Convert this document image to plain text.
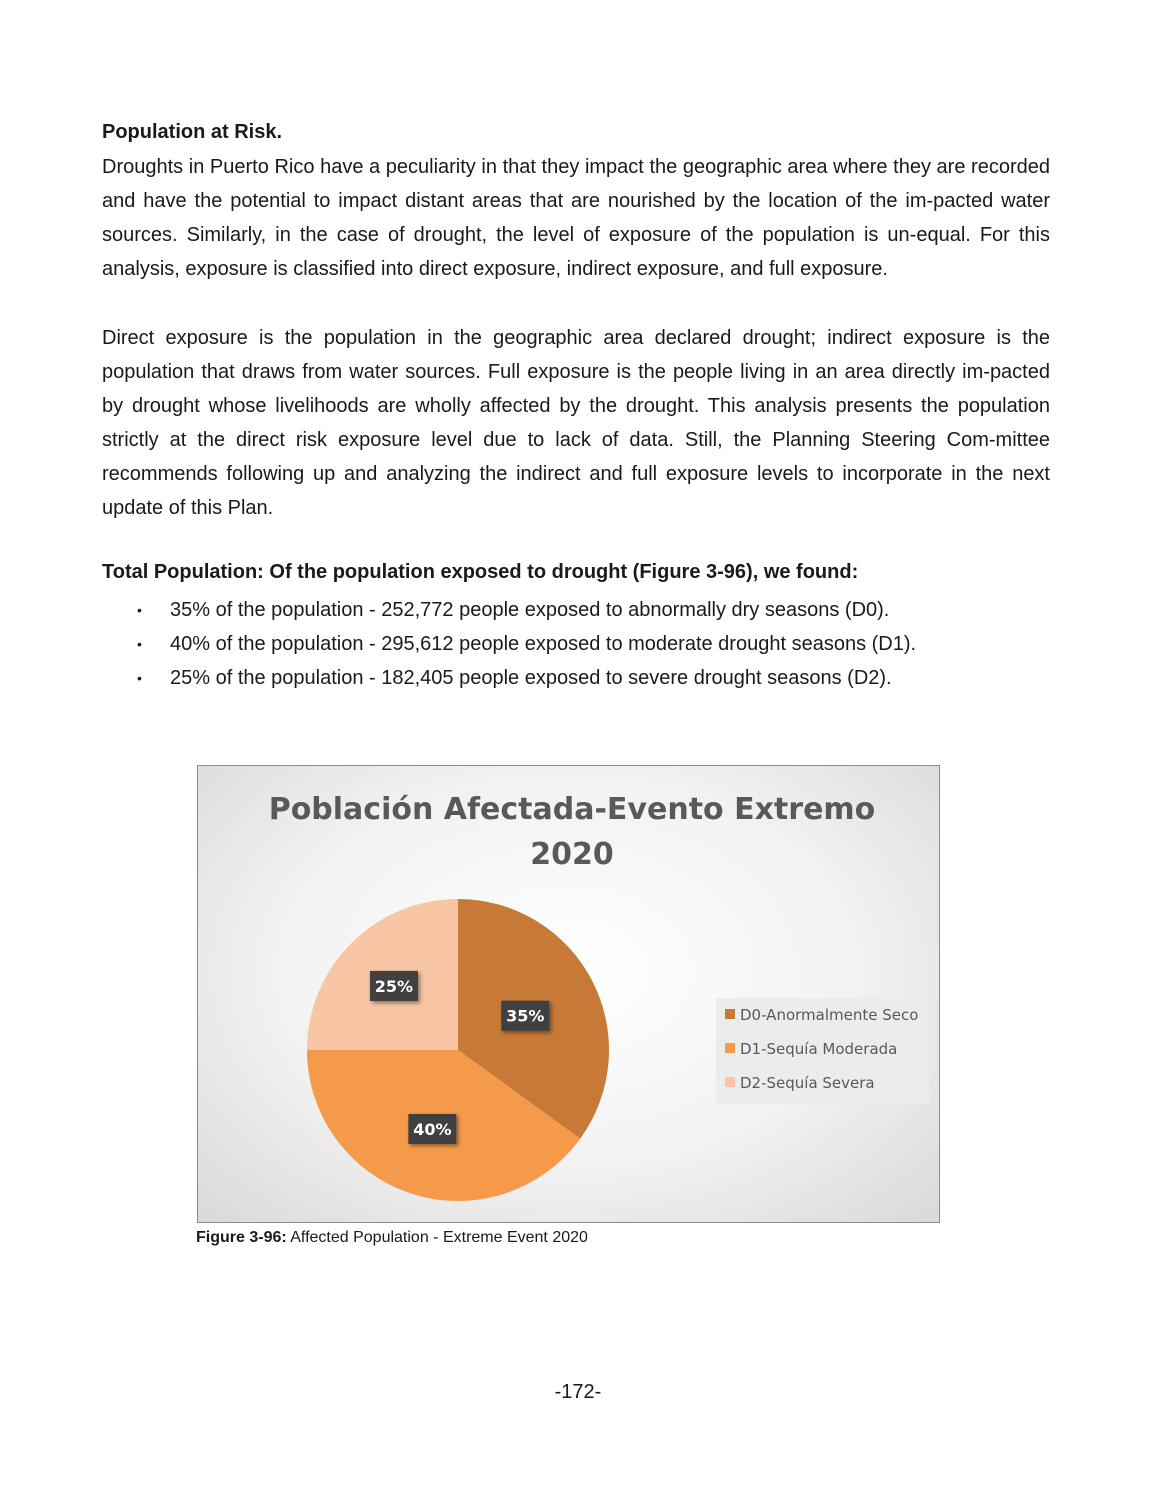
Population at Risk.

Droughts in Puerto Rico have a peculiarity in that they impact the geographic area where they are recorded and have the potential to impact distant areas that are nourished by the location of the im-pacted water sources. Similarly, in the case of drought, the level of exposure of the population is un-equal. For this analysis, exposure is classified into direct exposure, indirect exposure, and full exposure.

Direct exposure is the population in the geographic area declared drought; indirect exposure is the population that draws from water sources. Full exposure is the people living in an area directly im-pacted by drought whose livelihoods are wholly affected by the drought. This analysis presents the population strictly at the direct risk exposure level due to lack of data. Still, the Planning Steering Com-mittee recommends following up and analyzing the indirect and full exposure levels to incorporate in the next update of this Plan.

Total Population: Of the population exposed to drought (Figure 3-96), we found:
• 35% of the population - 252,772 people exposed to abnormally dry seasons (D0).
• 40% of the population - 295,612 people exposed to moderate drought seasons (D1).
• 25% of the population - 182,405 people exposed to severe drought seasons (D2).
Población Afectada-Evento Extremo
2020
35%
40%
25%
D0-Anormalmente Seco
D1-Sequía Moderada
D2-Sequía Severa

Figure 3-96: Affected Population - Extreme Event 2020

-172-
